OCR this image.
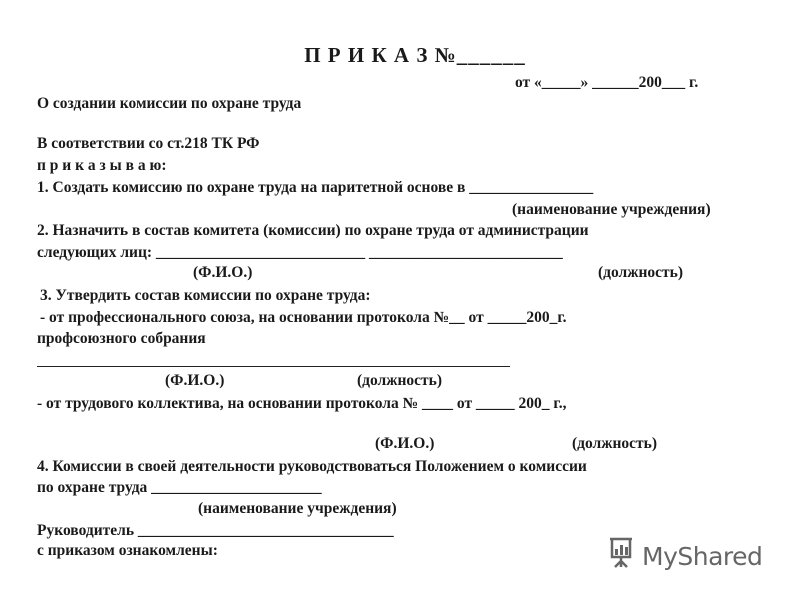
П Р И К А З №______
от «_____» ______200___ г.
О создании комиссии по охране труда
В соответствии со ст.218 ТК РФ
п р и к а з ы в а ю:
1. Создать комиссию по охране труда на паритетной основе в ________________
(наименование учреждения)
2. Назначить в состав комитета (комиссии) по охране труда от администрации
следующих лиц: ___________________________ _________________________
(Ф.И.О.)	(должность)
3. Утвердить состав комиссии по охране труда:
- от профессионального союза, на основании протокола №__ от _____200_г.
профсоюзного собрания
(Ф.И.О.)	(должность)
- от трудового коллектива, на основании протокола № ____ от _____ 200_ г.,
(Ф.И.О.)	(должность)
4. Комиссии в своей деятельности руководствоваться Положением о комиссии
по охране труда ______________________
(наименование учреждения)
Руководитель _________________________________
с приказом ознакомлены:	MyShared
